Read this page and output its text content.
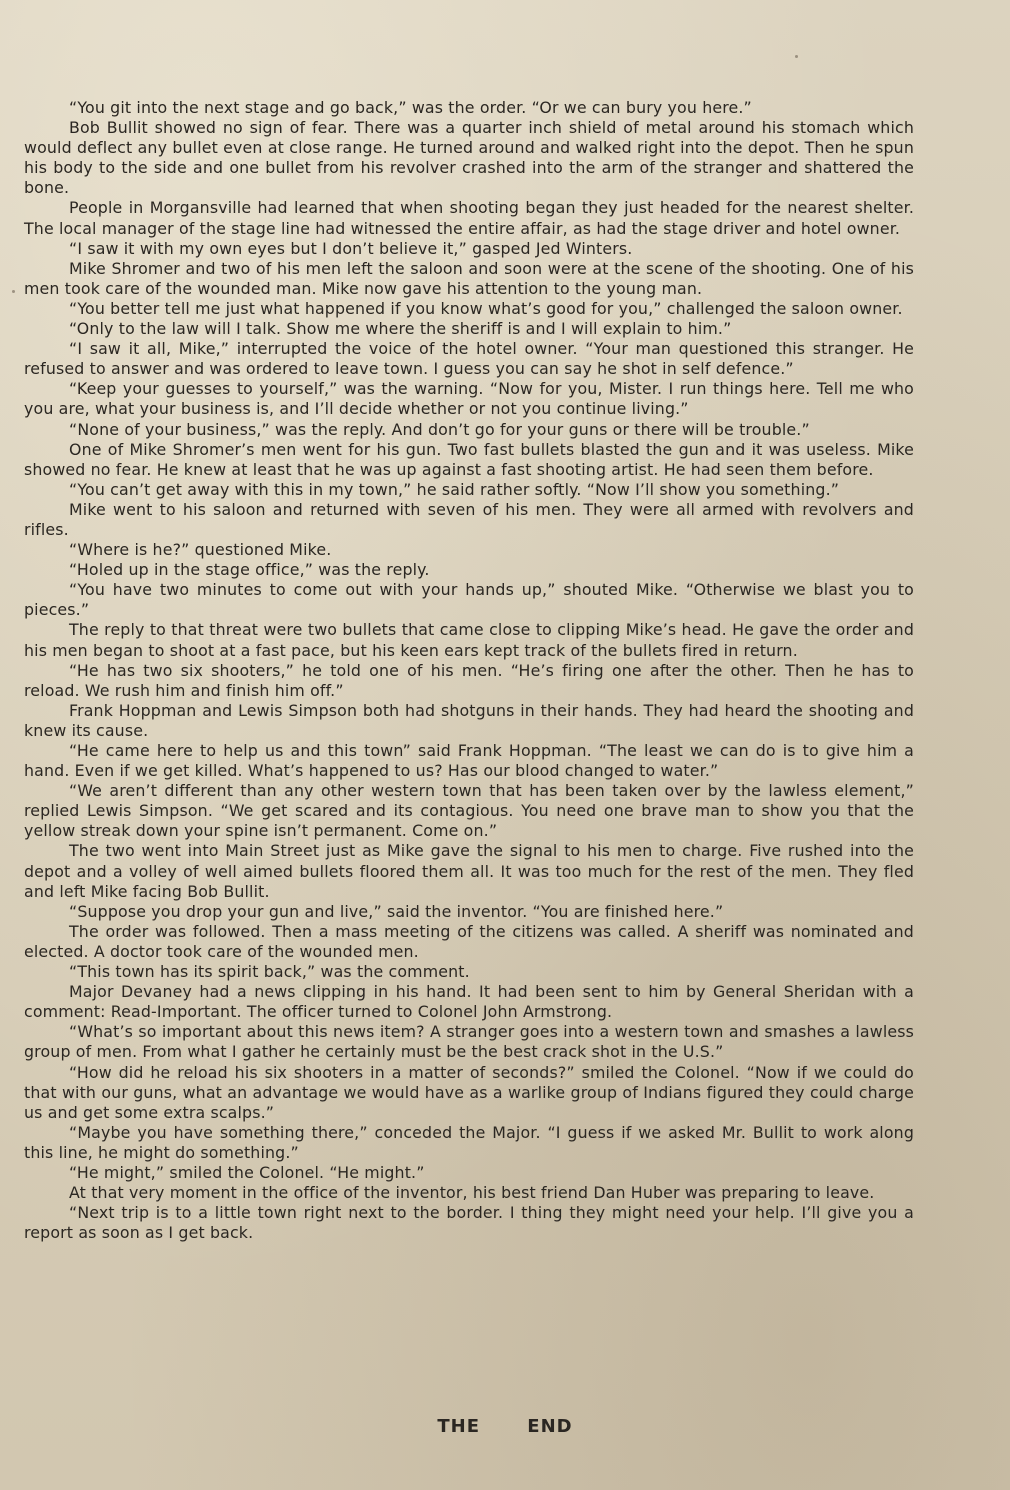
“You git into the next stage and go back,” was the order. “Or we can bury you here.”

Bob Bullit showed no sign of fear. There was a quarter inch shield of metal around his stomach which would deflect any bullet even at close range. He turned around and walked right into the depot. Then he spun his body to the side and one bullet from his revolver crashed into the arm of the stranger and shattered the bone.

People in Morgansville had learned that when shooting began they just headed for the nearest shelter. The local manager of the stage line had witnessed the entire affair, as had the stage driver and hotel owner.

“I saw it with my own eyes but I don’t believe it,” gasped Jed Winters.

Mike Shromer and two of his men left the saloon and soon were at the scene of the shooting. One of his men took care of the wounded man. Mike now gave his attention to the young man.

“You better tell me just what happened if you know what’s good for you,” challenged the saloon owner.

“Only to the law will I talk. Show me where the sheriff is and I will explain to him.”

“I saw it all, Mike,” interrupted the voice of the hotel owner. “Your man questioned this stranger. He refused to answer and was ordered to leave town. I guess you can say he shot in self defence.”

“Keep your guesses to yourself,” was the warning. “Now for you, Mister. I run things here. Tell me who you are, what your business is, and I’ll decide whether or not you continue living.”

“None of your business,” was the reply. And don’t go for your guns or there will be trouble.”

One of Mike Shromer’s men went for his gun. Two fast bullets blasted the gun and it was useless. Mike showed no fear. He knew at least that he was up against a fast shooting artist. He had seen them before.

“You can’t get away with this in my town,” he said rather softly. “Now I’ll show you something.”

Mike went to his saloon and returned with seven of his men. They were all armed with revolvers and rifles.

“Where is he?” questioned Mike.

“Holed up in the stage office,” was the reply.

“You have two minutes to come out with your hands up,” shouted Mike. “Otherwise we blast you to pieces.”

The reply to that threat were two bullets that came close to clipping Mike’s head. He gave the order and his men began to shoot at a fast pace, but his keen ears kept track of the bullets fired in return.

“He has two six shooters,” he told one of his men. “He’s firing one after the other. Then he has to reload. We rush him and finish him off.”

Frank Hoppman and Lewis Simpson both had shotguns in their hands. They had heard the shooting and knew its cause.

“He came here to help us and this town” said Frank Hoppman. “The least we can do is to give him a hand. Even if we get killed. What’s happened to us? Has our blood changed to water.”

“We aren’t different than any other western town that has been taken over by the lawless element,” replied Lewis Simpson. “We get scared and its contagious. You need one brave man to show you that the yellow streak down your spine isn’t permanent. Come on.”

The two went into Main Street just as Mike gave the signal to his men to charge. Five rushed into the depot and a volley of well aimed bullets floored them all. It was too much for the rest of the men. They fled and left Mike facing Bob Bullit.

“Suppose you drop your gun and live,” said the inventor. “You are finished here.”

The order was followed. Then a mass meeting of the citizens was called. A sheriff was nominated and elected. A doctor took care of the wounded men.

“This town has its spirit back,” was the comment.

Major Devaney had a news clipping in his hand. It had been sent to him by General Sheridan with a comment: Read-Important. The officer turned to Colonel John Armstrong.

“What’s so important about this news item? A stranger goes into a western town and smashes a lawless group of men. From what I gather he certainly must be the best crack shot in the U.S.”

“How did he reload his six shooters in a matter of seconds?” smiled the Colonel. “Now if we could do that with our guns, what an advantage we would have as a warlike group of Indians figured they could charge us and get some extra scalps.”

“Maybe you have something there,” conceded the Major. “I guess if we asked Mr. Bullit to work along this line, he might do something.”

“He might,” smiled the Colonel. “He might.”

At that very moment in the office of the inventor, his best friend Dan Huber was preparing to leave.

“Next trip is to a little town right next to the border. I thing they might need your help. I’ll give you a report as soon as I get back.

THE END
